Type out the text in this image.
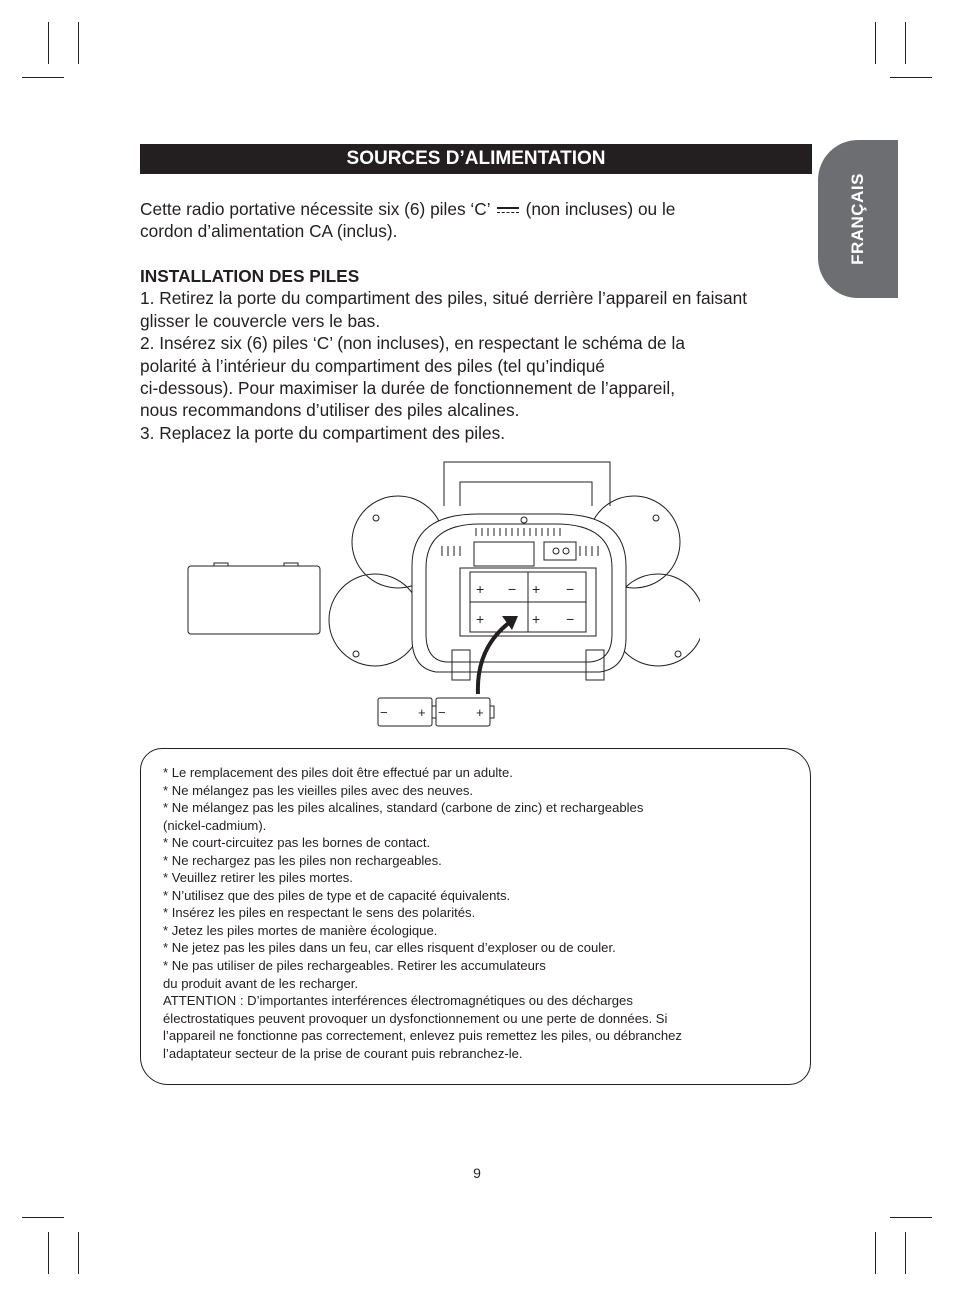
FRANÇAIS
SOURCES D’ALIMENTATION
Cette radio portative nécessite six (6) piles ‘C’ (non incluses) ou le
cordon d’alimentation CA (inclus).
INSTALLATION DES PILES
1. Retirez la porte du compartiment des piles, situé derrière l’appareil en faisant
glisser le couvercle vers le bas.
2. Insérez six (6) piles ‘C’ (non incluses), en respectant le schéma de la
polarité à l’intérieur du compartiment des piles (tel qu’indiqué
ci-dessous). Pour maximiser la durée de fonctionnement de l’appareil,
nous recommandons d’utiliser des piles alcalines.
3. Replacez la porte du compartiment des piles.
+ − + −
+	+ −
− + − +
* Le remplacement des piles doit être effectué par un adulte.
* Ne mélangez pas les vieilles piles avec des neuves.
* Ne mélangez pas les piles alcalines, standard (carbone de zinc) et rechargeables
(nickel-cadmium).
* Ne court-circuitez pas les bornes de contact.
* Ne rechargez pas les piles non rechargeables.
* Veuillez retirer les piles mortes.
* N’utilisez que des piles de type et de capacité équivalents.
* Insérez les piles en respectant le sens des polarités.
* Jetez les piles mortes de manière écologique.
* Ne jetez pas les piles dans un feu, car elles risquent d’exploser ou de couler.
* Ne pas utiliser de piles rechargeables. Retirer les accumulateurs
du produit avant de les recharger.
ATTENTION : D’importantes interférences électromagnétiques ou des décharges
électrostatiques peuvent provoquer un dysfonctionnement ou une perte de données. Si
l’appareil ne fonctionne pas correctement, enlevez puis remettez les piles, ou débranchez
l’adaptateur secteur de la prise de courant puis rebranchez-le.
9
